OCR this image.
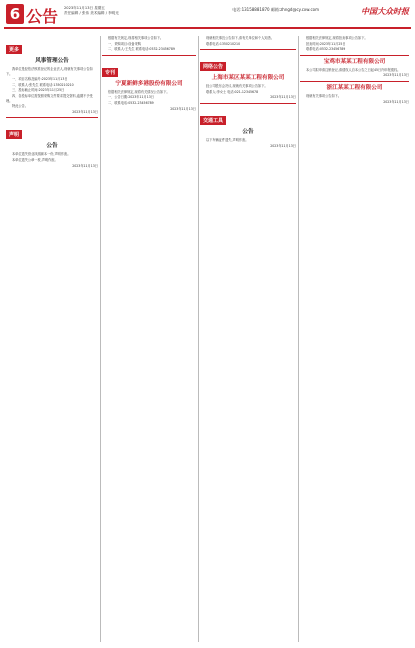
6 公告 2023年11月13日 星期五
责任编辑 / 张伟 美术编辑 / 李明光
电话:13158881870 邮箱:zhngd@cy.cxw.com	中国大众时报
更多
风事管理公告

我单位是经依法核准登记的企业法人,现就有关事项公告如下。

一、项目名称及编号:2023年11月13日

二、联系人:张先生 联系电话:1350210210

三、投标截止时间:2023年11月25日

四、各投标单位需按照采购文件要求提交资料,逾期不予受理。

特此公告。

2023年11月13日
声明
公告

本单位遗失营业执照副本一份,声明作废。

本单位遗失公章一枚,声明作废。

2023年11月13日

根据有关规定,现将相关事项公告如下。

一、采购项目:设备采购

二、联系人:王先生 联系电话:0532-23456789

专刊
宁夏新鲜多港股份有限公司

依据相关法律规定,现将有关情况公告如下。

一、公告日期:2023年11月13日

二、联系电话:0532-23456789

2023年11月13日

现就相关事宜公告如下,请有关单位和个人知悉。

联系电话:1350210210

网络公告
上海市某区某某工程有限公司

经公司股东会决议,现就有关事项公告如下。

联系人:李女士 电话:021-12345678

2023年11月13日
交通工具
公告

以下车辆证件遗失,声明作废。

2023年11月13日

根据相关法律规定,现将拍卖事项公告如下。

拍卖时间:2023年11月25日

联系电话:0532-23456789

宝鸡市某某工程有限公司

本公司拟申请注销登记,请债权人自本公告之日起45日内申报债权。

2023年11月13日
浙江某某工程有限公司

现就有关事项公告如下。

2023年11月13日
